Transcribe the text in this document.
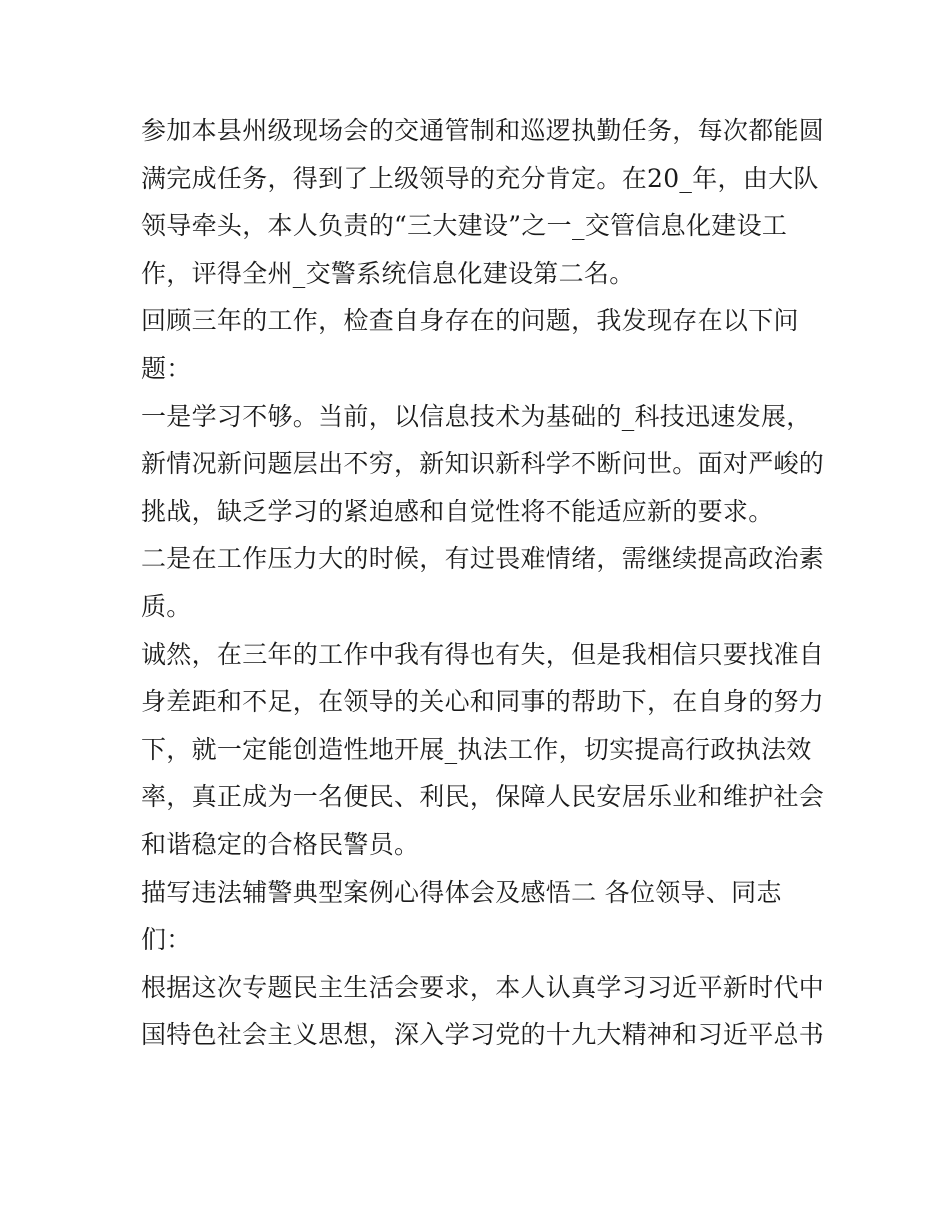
参加本县州级现场会的交通管制和巡逻执勤任务，每次都能圆
满完成任务，得到了上级领导的充分肯定。在20_年，由大队
领导牵头，本人负责的“三大建设”之一_交管信息化建设工
作，评得全州_交警系统信息化建设第二名。
回顾三年的工作，检查自身存在的问题，我发现存在以下问
题：
一是学习不够。当前，以信息技术为基础的_科技迅速发展，
新情况新问题层出不穷，新知识新科学不断问世。面对严峻的
挑战，缺乏学习的紧迫感和自觉性将不能适应新的要求。
二是在工作压力大的时候，有过畏难情绪，需继续提高政治素
质。
诚然，在三年的工作中我有得也有失，但是我相信只要找准自
身差距和不足，在领导的关心和同事的帮助下，在自身的努力
下，就一定能创造性地开展_执法工作，切实提高行政执法效
率，真正成为一名便民、利民，保障人民安居乐业和维护社会
和谐稳定的合格民警员。
描写违法辅警典型案例心得体会及感悟二 各位领导、同志
们：
根据这次专题民主生活会要求，本人认真学习习近平新时代中
国特色社会主义思想，深入学习党的十九大精神和习近平总书
